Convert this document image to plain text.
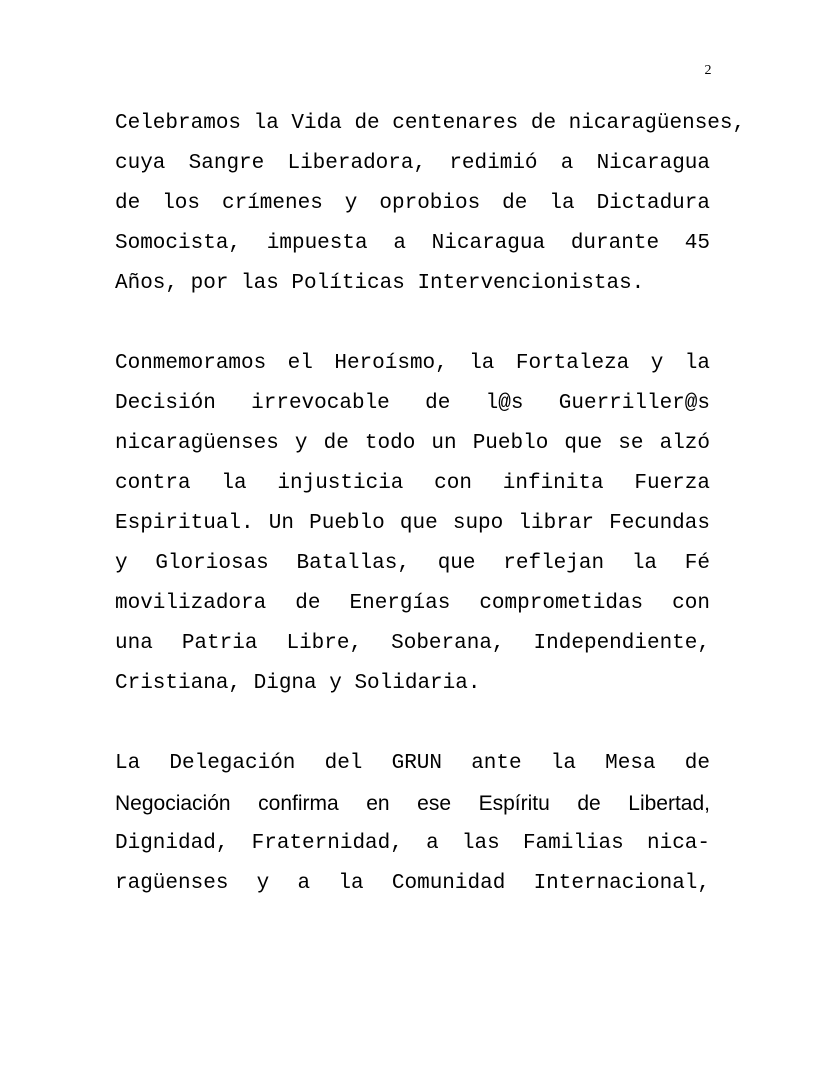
2
Celebramos la Vida de centenares de nicaragüenses,
cuya Sangre Liberadora, redimió a Nicaragua
de los crímenes y oprobios de la Dictadura
Somocista, impuesta a Nicaragua durante 45
Años, por las Políticas Intervencionistas.
Conmemoramos el Heroísmo, la Fortaleza y la
Decisión irrevocable de l@s Guerriller@s
nicaragüenses y de todo un Pueblo que se alzó
contra la injusticia con infinita Fuerza
Espiritual. Un Pueblo que supo librar Fecundas
y Gloriosas Batallas, que reflejan la Fé
movilizadora de Energías comprometidas con
una Patria Libre, Soberana, Independiente,
Cristiana, Digna y Solidaria.
La Delegación del GRUN ante la Mesa de
Negociación confirma en ese Espíritu de Libertad,
Dignidad, Fraternidad, a las Familias nica-
ragüenses y a la Comunidad Internacional,
